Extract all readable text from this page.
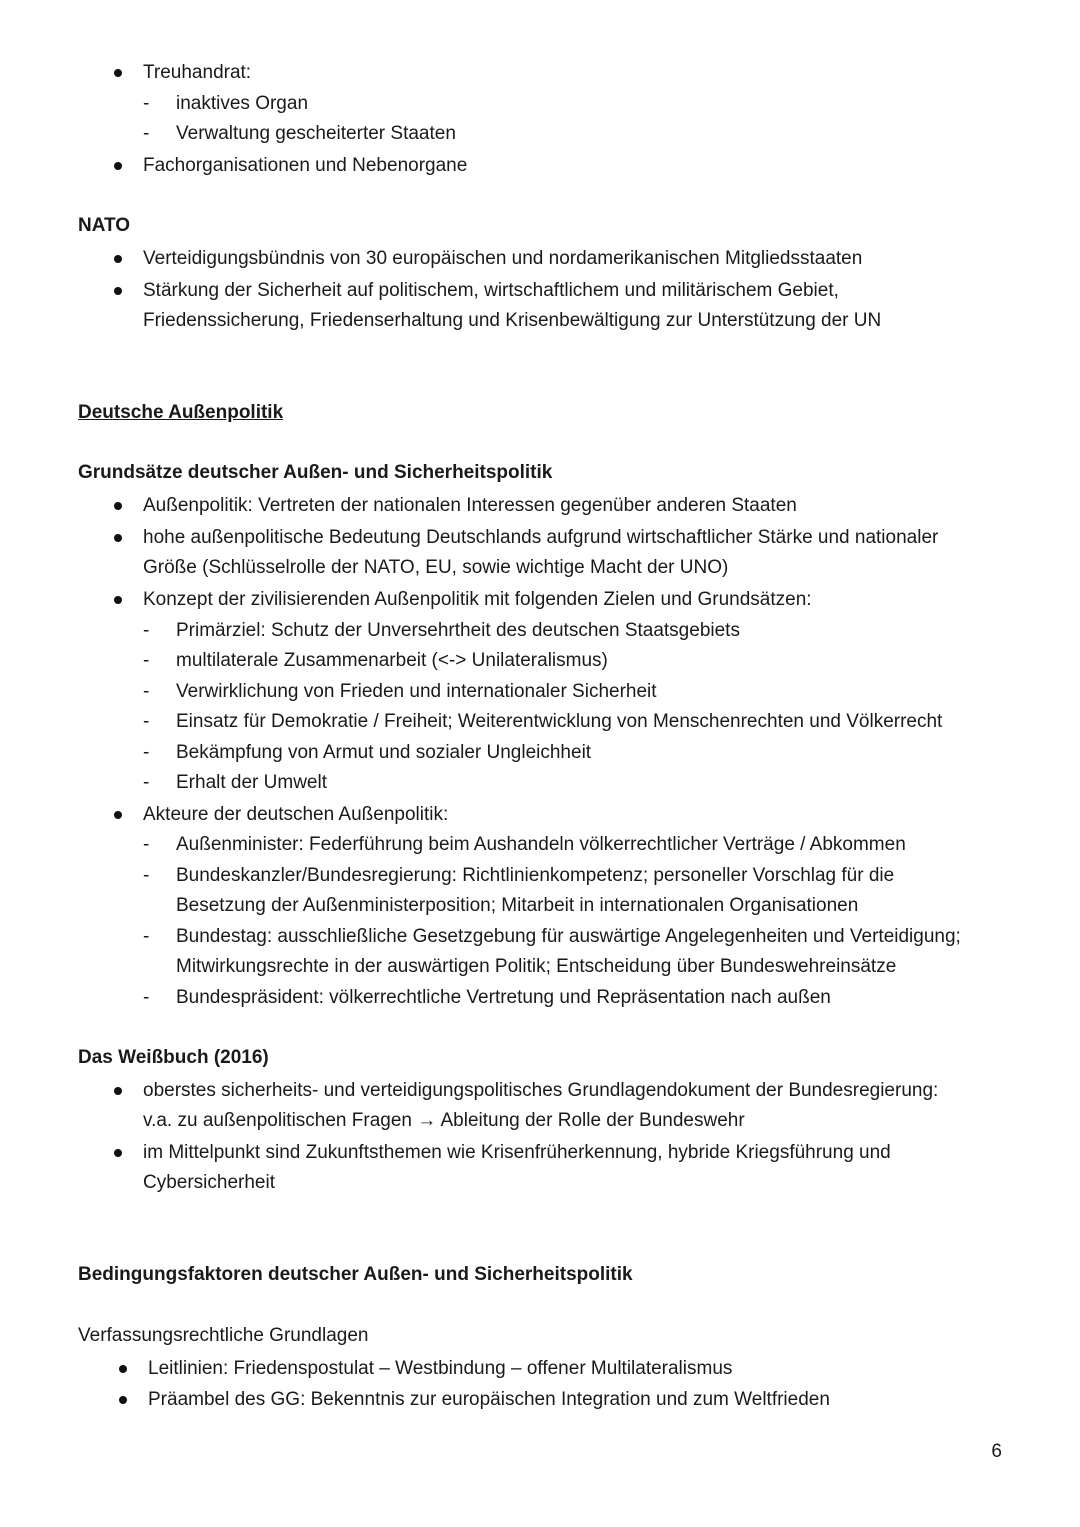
Treuhandrat:
- inaktives Organ
- Verwaltung gescheiterter Staaten
Fachorganisationen und Nebenorgane
NATO
Verteidigungsbündnis von 30 europäischen und nordamerikanischen Mitgliedsstaaten
Stärkung der Sicherheit auf politischem, wirtschaftlichem und militärischem Gebiet,
Friedenssicherung, Friedenserhaltung und Krisenbewältigung zur Unterstützung der UN
Deutsche Außenpolitik
Grundsätze deutscher Außen- und Sicherheitspolitik
Außenpolitik: Vertreten der nationalen Interessen gegenüber anderen Staaten
hohe außenpolitische Bedeutung Deutschlands aufgrund wirtschaftlicher Stärke und nationaler
Größe (Schlüsselrolle der NATO, EU, sowie wichtige Macht der UNO)
Konzept der zivilisierenden Außenpolitik mit folgenden Zielen und Grundsätzen:
- Primärziel: Schutz der Unversehrtheit des deutschen Staatsgebiets
- multilaterale Zusammenarbeit (<-> Unilateralismus)
- Verwirklichung von Frieden und internationaler Sicherheit
- Einsatz für Demokratie / Freiheit; Weiterentwicklung von Menschenrechten und Völkerrecht
- Bekämpfung von Armut und sozialer Ungleichheit
- Erhalt der Umwelt
Akteure der deutschen Außenpolitik:
- Außenminister: Federführung beim Aushandeln völkerrechtlicher Verträge / Abkommen
- Bundeskanzler/Bundesregierung: Richtlinienkompetenz; personeller Vorschlag für die
Besetzung der Außenministerposition; Mitarbeit in internationalen Organisationen
- Bundestag: ausschließliche Gesetzgebung für auswärtige Angelegenheiten und Verteidigung;
Mitwirkungsrechte in der auswärtigen Politik; Entscheidung über Bundeswehreinsätze
- Bundespräsident: völkerrechtliche Vertretung und Repräsentation nach außen
Das Weißbuch (2016)
oberstes sicherheits- und verteidigungspolitisches Grundlagendokument der Bundesregierung:
v.a. zu außenpolitischen Fragen → Ableitung der Rolle der Bundeswehr
im Mittelpunkt sind Zukunftsthemen wie Krisenfrüherkennung, hybride Kriegsführung und
Cybersicherheit
Bedingungsfaktoren deutscher Außen- und Sicherheitspolitik
Verfassungsrechtliche Grundlagen
Leitlinien: Friedenspostulat – Westbindung – offener Multilateralismus
Präambel des GG: Bekenntnis zur europäischen Integration und zum Weltfrieden
6
